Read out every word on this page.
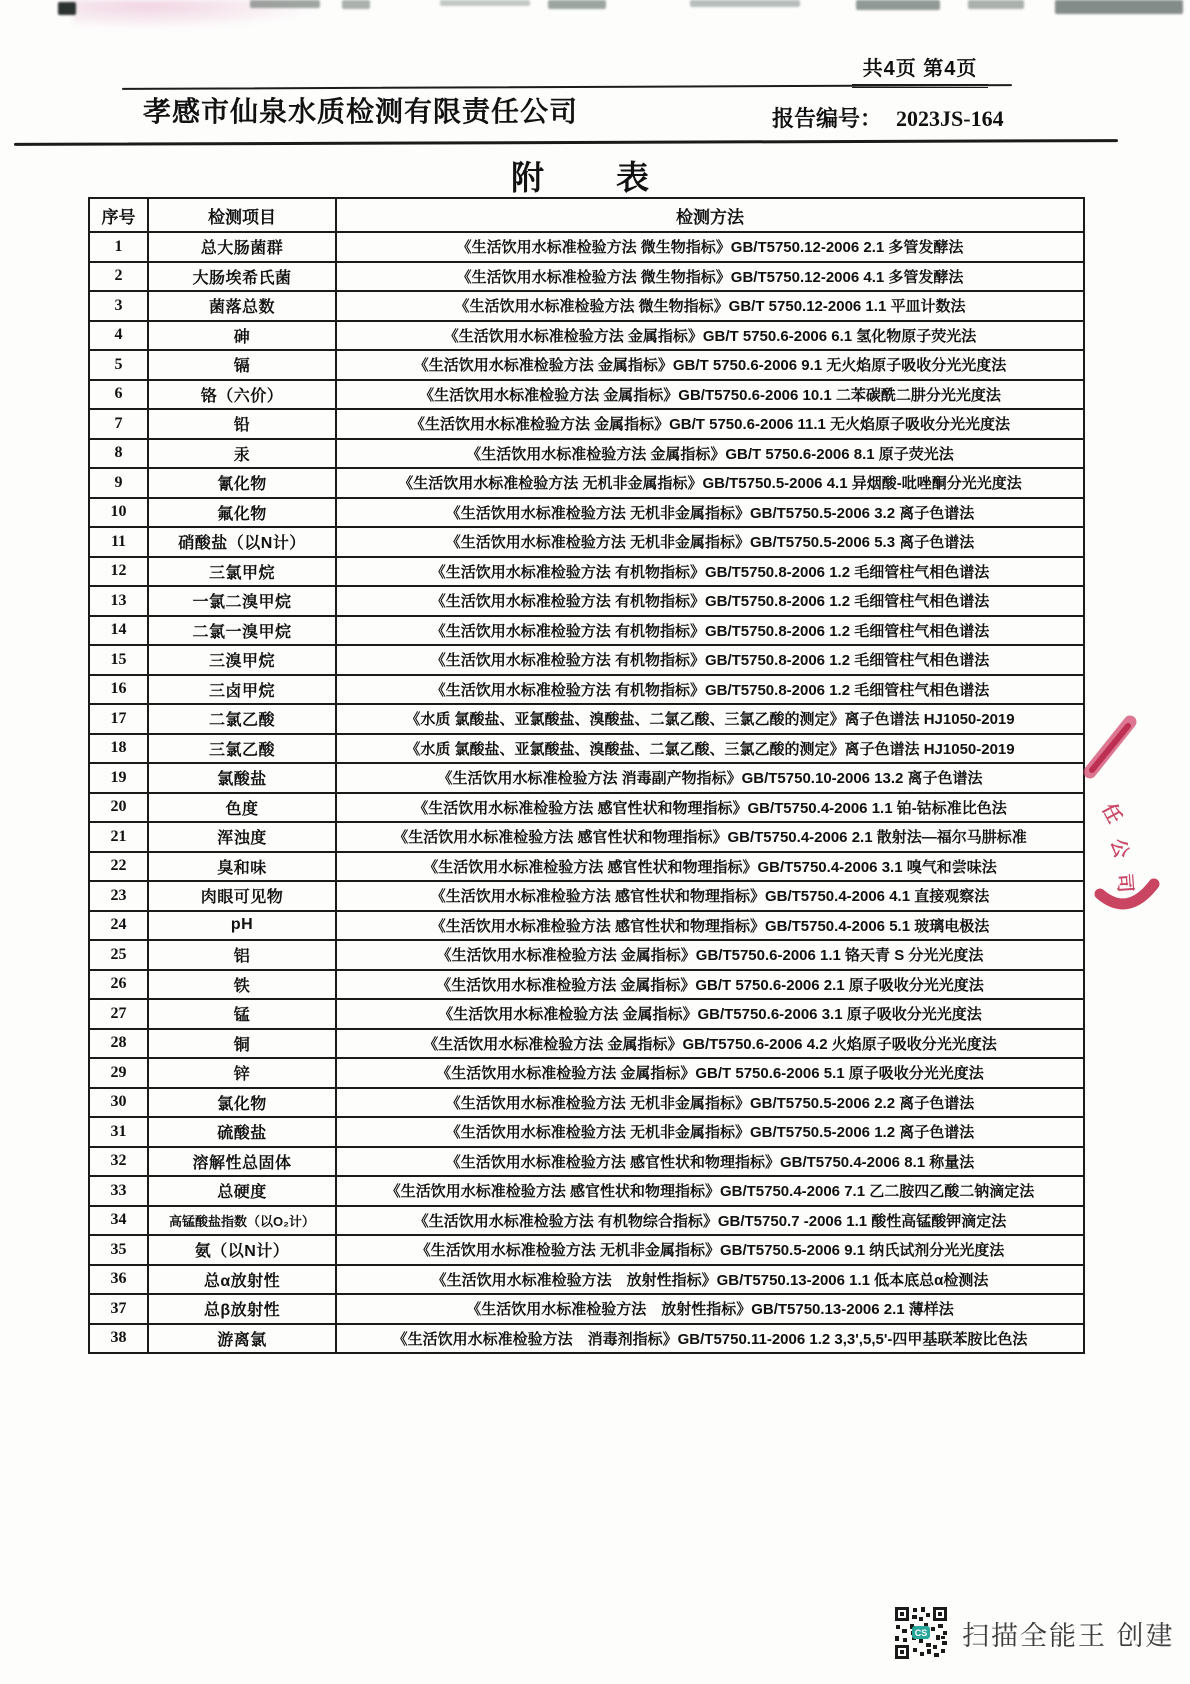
共4页 第4页
孝感市仙泉水质检测有限责任公司	报告编号： 2023JS-164
附 表
序号	检测项目	检测方法
1	总大肠菌群	《生活饮用水标准检验方法 微生物指标》GB/T5750.12-2006 2.1 多管发酵法
2	大肠埃希氏菌	《生活饮用水标准检验方法 微生物指标》GB/T5750.12-2006 4.1 多管发酵法
3	菌落总数	《生活饮用水标准检验方法 微生物指标》GB/T 5750.12-2006 1.1 平皿计数法
4	砷	《生活饮用水标准检验方法 金属指标》GB/T 5750.6-2006 6.1 氢化物原子荧光法
5	镉	《生活饮用水标准检验方法 金属指标》GB/T 5750.6-2006 9.1 无火焰原子吸收分光光度法
6	铬（六价）	《生活饮用水标准检验方法 金属指标》GB/T5750.6-2006 10.1 二苯碳酰二肼分光光度法
7	铅	《生活饮用水标准检验方法 金属指标》GB/T 5750.6-2006 11.1 无火焰原子吸收分光光度法
8	汞	《生活饮用水标准检验方法 金属指标》GB/T 5750.6-2006 8.1 原子荧光法
9	氰化物	《生活饮用水标准检验方法 无机非金属指标》GB/T5750.5-2006 4.1 异烟酸-吡唑酮分光光度法
10	氟化物	《生活饮用水标准检验方法 无机非金属指标》GB/T5750.5-2006 3.2 离子色谱法
11	硝酸盐（以N计）	《生活饮用水标准检验方法 无机非金属指标》GB/T5750.5-2006 5.3 离子色谱法
12	三氯甲烷	《生活饮用水标准检验方法 有机物指标》GB/T5750.8-2006 1.2 毛细管柱气相色谱法
13	一氯二溴甲烷	《生活饮用水标准检验方法 有机物指标》GB/T5750.8-2006 1.2 毛细管柱气相色谱法
14	二氯一溴甲烷	《生活饮用水标准检验方法 有机物指标》GB/T5750.8-2006 1.2 毛细管柱气相色谱法
15	三溴甲烷	《生活饮用水标准检验方法 有机物指标》GB/T5750.8-2006 1.2 毛细管柱气相色谱法
16	三卤甲烷	《生活饮用水标准检验方法 有机物指标》GB/T5750.8-2006 1.2 毛细管柱气相色谱法
17	二氯乙酸	《水质 氯酸盐、亚氯酸盐、溴酸盐、二氯乙酸、三氯乙酸的测定》离子色谱法 HJ1050-2019
18	三氯乙酸	《水质 氯酸盐、亚氯酸盐、溴酸盐、二氯乙酸、三氯乙酸的测定》离子色谱法 HJ1050-2019
19	氯酸盐	《生活饮用水标准检验方法 消毒副产物指标》GB/T5750.10-2006 13.2 离子色谱法
20	色度	《生活饮用水标准检验方法 感官性状和物理指标》GB/T5750.4-2006 1.1 铂-钴标准比色法
21	浑浊度	《生活饮用水标准检验方法 感官性状和物理指标》GB/T5750.4-2006 2.1 散射法—福尔马肼标准
22	臭和味	《生活饮用水标准检验方法 感官性状和物理指标》GB/T5750.4-2006 3.1 嗅气和尝味法
23	肉眼可见物	《生活饮用水标准检验方法 感官性状和物理指标》GB/T5750.4-2006 4.1 直接观察法
24	pH	《生活饮用水标准检验方法 感官性状和物理指标》GB/T5750.4-2006 5.1 玻璃电极法
25	铝	《生活饮用水标准检验方法 金属指标》GB/T5750.6-2006 1.1 铬天青 S 分光光度法
26	铁	《生活饮用水标准检验方法 金属指标》GB/T 5750.6-2006 2.1 原子吸收分光光度法
27	锰	《生活饮用水标准检验方法 金属指标》GB/T5750.6-2006 3.1 原子吸收分光光度法
28	铜	《生活饮用水标准检验方法 金属指标》GB/T5750.6-2006 4.2 火焰原子吸收分光光度法
29	锌	《生活饮用水标准检验方法 金属指标》GB/T 5750.6-2006 5.1 原子吸收分光光度法
30	氯化物	《生活饮用水标准检验方法 无机非金属指标》GB/T5750.5-2006 2.2 离子色谱法
31	硫酸盐	《生活饮用水标准检验方法 无机非金属指标》GB/T5750.5-2006 1.2 离子色谱法
32	溶解性总固体	《生活饮用水标准检验方法 感官性状和物理指标》GB/T5750.4-2006 8.1 称量法
33	总硬度	《生活饮用水标准检验方法 感官性状和物理指标》GB/T5750.4-2006 7.1 乙二胺四乙酸二钠滴定法
34	高锰酸盐指数（以O₂计）	《生活饮用水标准检验方法 有机物综合指标》GB/T5750.7 -2006 1.1 酸性高锰酸钾滴定法
35	氨（以N计）	《生活饮用水标准检验方法 无机非金属指标》GB/T5750.5-2006 9.1 纳氏试剂分光光度法
36	总α放射性	《生活饮用水标准检验方法　放射性指标》GB/T5750.13-2006 1.1 低本底总α检测法
37	总β放射性	《生活饮用水标准检验方法　放射性指标》GB/T5750.13-2006 2.1 薄样法
38	游离氯	《生活饮用水标准检验方法　消毒剂指标》GB/T5750.11-2006 1.2 3,3',5,5'-四甲基联苯胺比色法
任
公
司
CS 扫描全能王 创建
